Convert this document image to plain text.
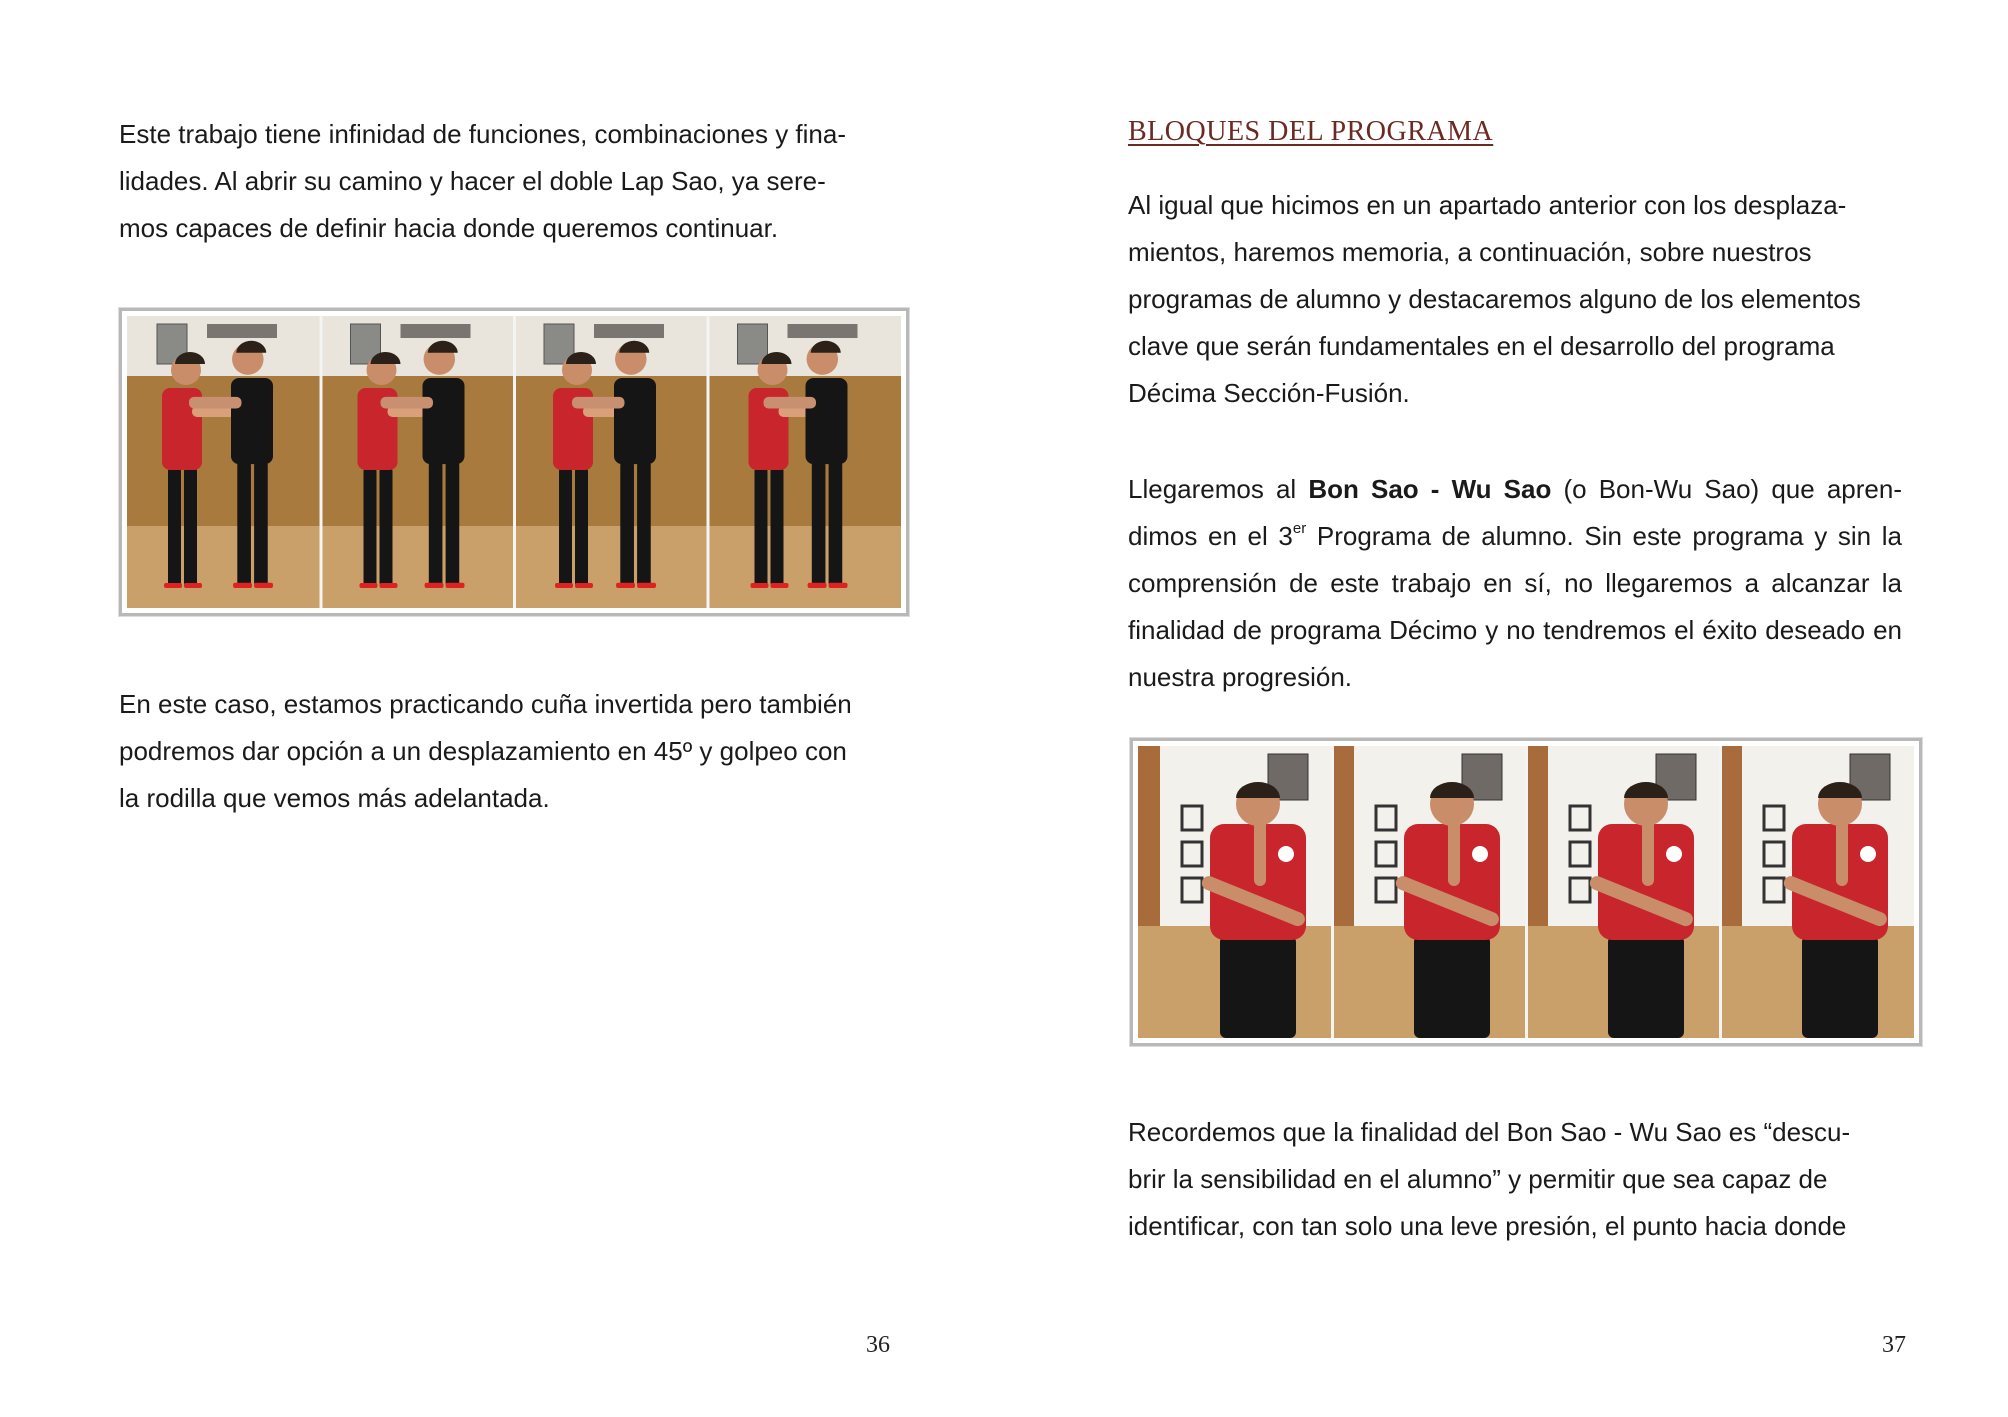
Este trabajo tiene infinidad de funciones, combinaciones y fina-
lidades. Al abrir su camino y hacer el doble Lap Sao, ya sere-
mos capaces de definir hacia donde queremos continuar.

En este caso, estamos practicando cuña invertida pero también
podremos dar opción a un desplazamiento en 45º y golpeo con
la rodilla que vemos más adelantada.

36
BLOQUES DEL PROGRAMA

Al igual que hicimos en un apartado anterior con los desplaza-
mientos, haremos memoria, a continuación, sobre nuestros
programas de alumno y destacaremos alguno de los elementos
clave que serán fundamentales en el desarrollo del programa
Décima Sección-Fusión.

Llegaremos al Bon Sao - Wu Sao (o Bon-Wu Sao) que apren-dimos en el 3er Programa de alumno. Sin este programa y sin la comprensión de este trabajo en sí, no llegaremos a alcanzar la finalidad de programa Décimo y no tendremos el éxito deseado en nuestra progresión.

Recordemos que la finalidad del Bon Sao - Wu Sao es “descu-
brir la sensibilidad en el alumno” y permitir que sea capaz de
identificar, con tan solo una leve presión, el punto hacia donde

37
